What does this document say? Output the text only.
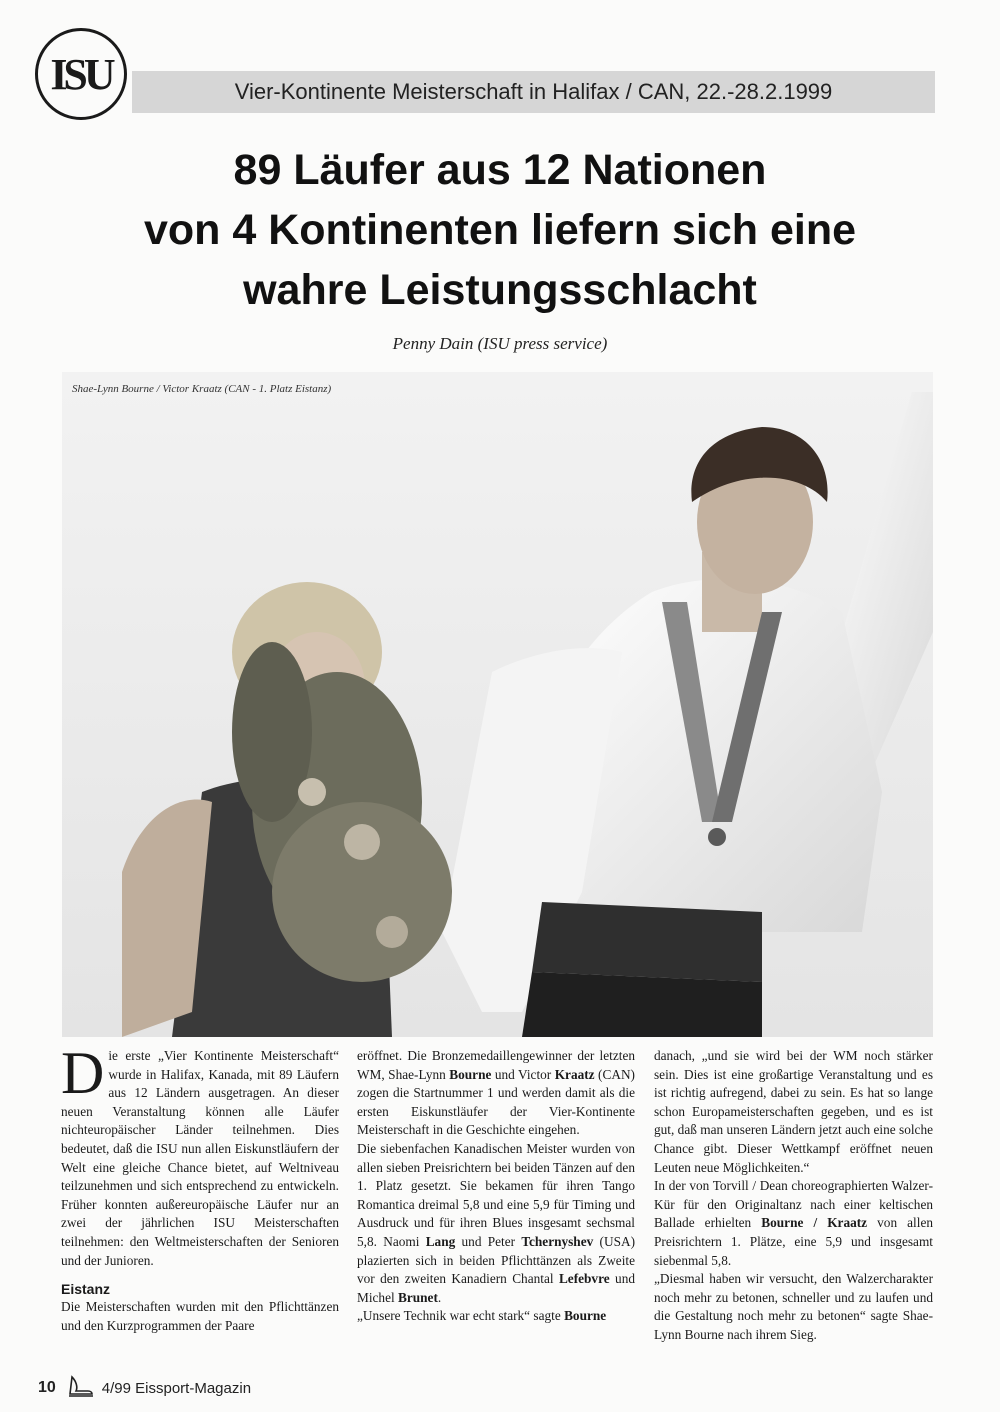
ISU	Vier-Kontinente Meisterschaft in Halifax / CAN, 22.-28.2.1999
89 Läufer aus 12 Nationen
von 4 Kontinenten liefern sich eine
wahre Leistungsschlacht
Penny Dain (ISU press service)
Shae-Lynn Bourne / Victor Kraatz (CAN - 1. Platz Eistanz)

Die erste „Vier Kontinente Meisterschaft“ wurde in Halifax, Kanada, mit 89 Läufern aus 12 Ländern ausgetragen. An dieser neuen Veranstaltung können alle Läufer nichteuropäischer Länder teilnehmen. Dies bedeutet, daß die ISU nun allen Eiskunstläufern der Welt eine gleiche Chance bietet, auf Weltniveau teilzunehmen und sich entsprechend zu entwickeln. Früher konnten außereuropäische Läufer nur an zwei der jährlichen ISU Meisterschaften teilnehmen: den Weltmeisterschaften der Senioren und der Junioren.

Eistanz

Die Meisterschaften wurden mit den Pflichttänzen und den Kurzprogrammen der Paare

eröffnet. Die Bronzemedaillengewinner der letzten WM, Shae-Lynn Bourne und Victor Kraatz (CAN) zogen die Startnummer 1 und werden damit als die ersten Eiskunstläufer der Vier-Kontinente Meisterschaft in die Geschichte eingehen.

Die siebenfachen Kanadischen Meister wurden von allen sieben Preisrichtern bei beiden Tänzen auf den 1. Platz gesetzt. Sie bekamen für ihren Tango Romantica dreimal 5,8 und eine 5,9 für Timing und Ausdruck und für ihren Blues insgesamt sechsmal 5,8. Naomi Lang und Peter Tchernyshev (USA) plazierten sich in beiden Pflichttänzen als Zweite vor den zweiten Kanadiern Chantal Lefebvre und Michel Brunet.

„Unsere Technik war echt stark“ sagte Bourne

danach, „und sie wird bei der WM noch stärker sein. Dies ist eine großartige Veranstaltung und es ist richtig aufregend, dabei zu sein. Es hat so lange schon Europameisterschaften gegeben, und es ist gut, daß man unseren Ländern jetzt auch eine solche Chance gibt. Dieser Wettkampf eröffnet neuen Leuten neue Möglichkeiten.“

In der von Torvill / Dean choreographierten Walzer-Kür für den Originaltanz nach einer keltischen Ballade erhielten Bourne / Kraatz von allen Preisrichtern 1. Plätze, eine 5,9 und insgesamt siebenmal 5,8.

„Diesmal haben wir versucht, den Walzercharakter noch mehr zu betonen, schneller und zu laufen und die Gestaltung noch mehr zu betonen“ sagte Shae-Lynn Bourne nach ihrem Sieg.

10	4/99 Eissport-Magazin
